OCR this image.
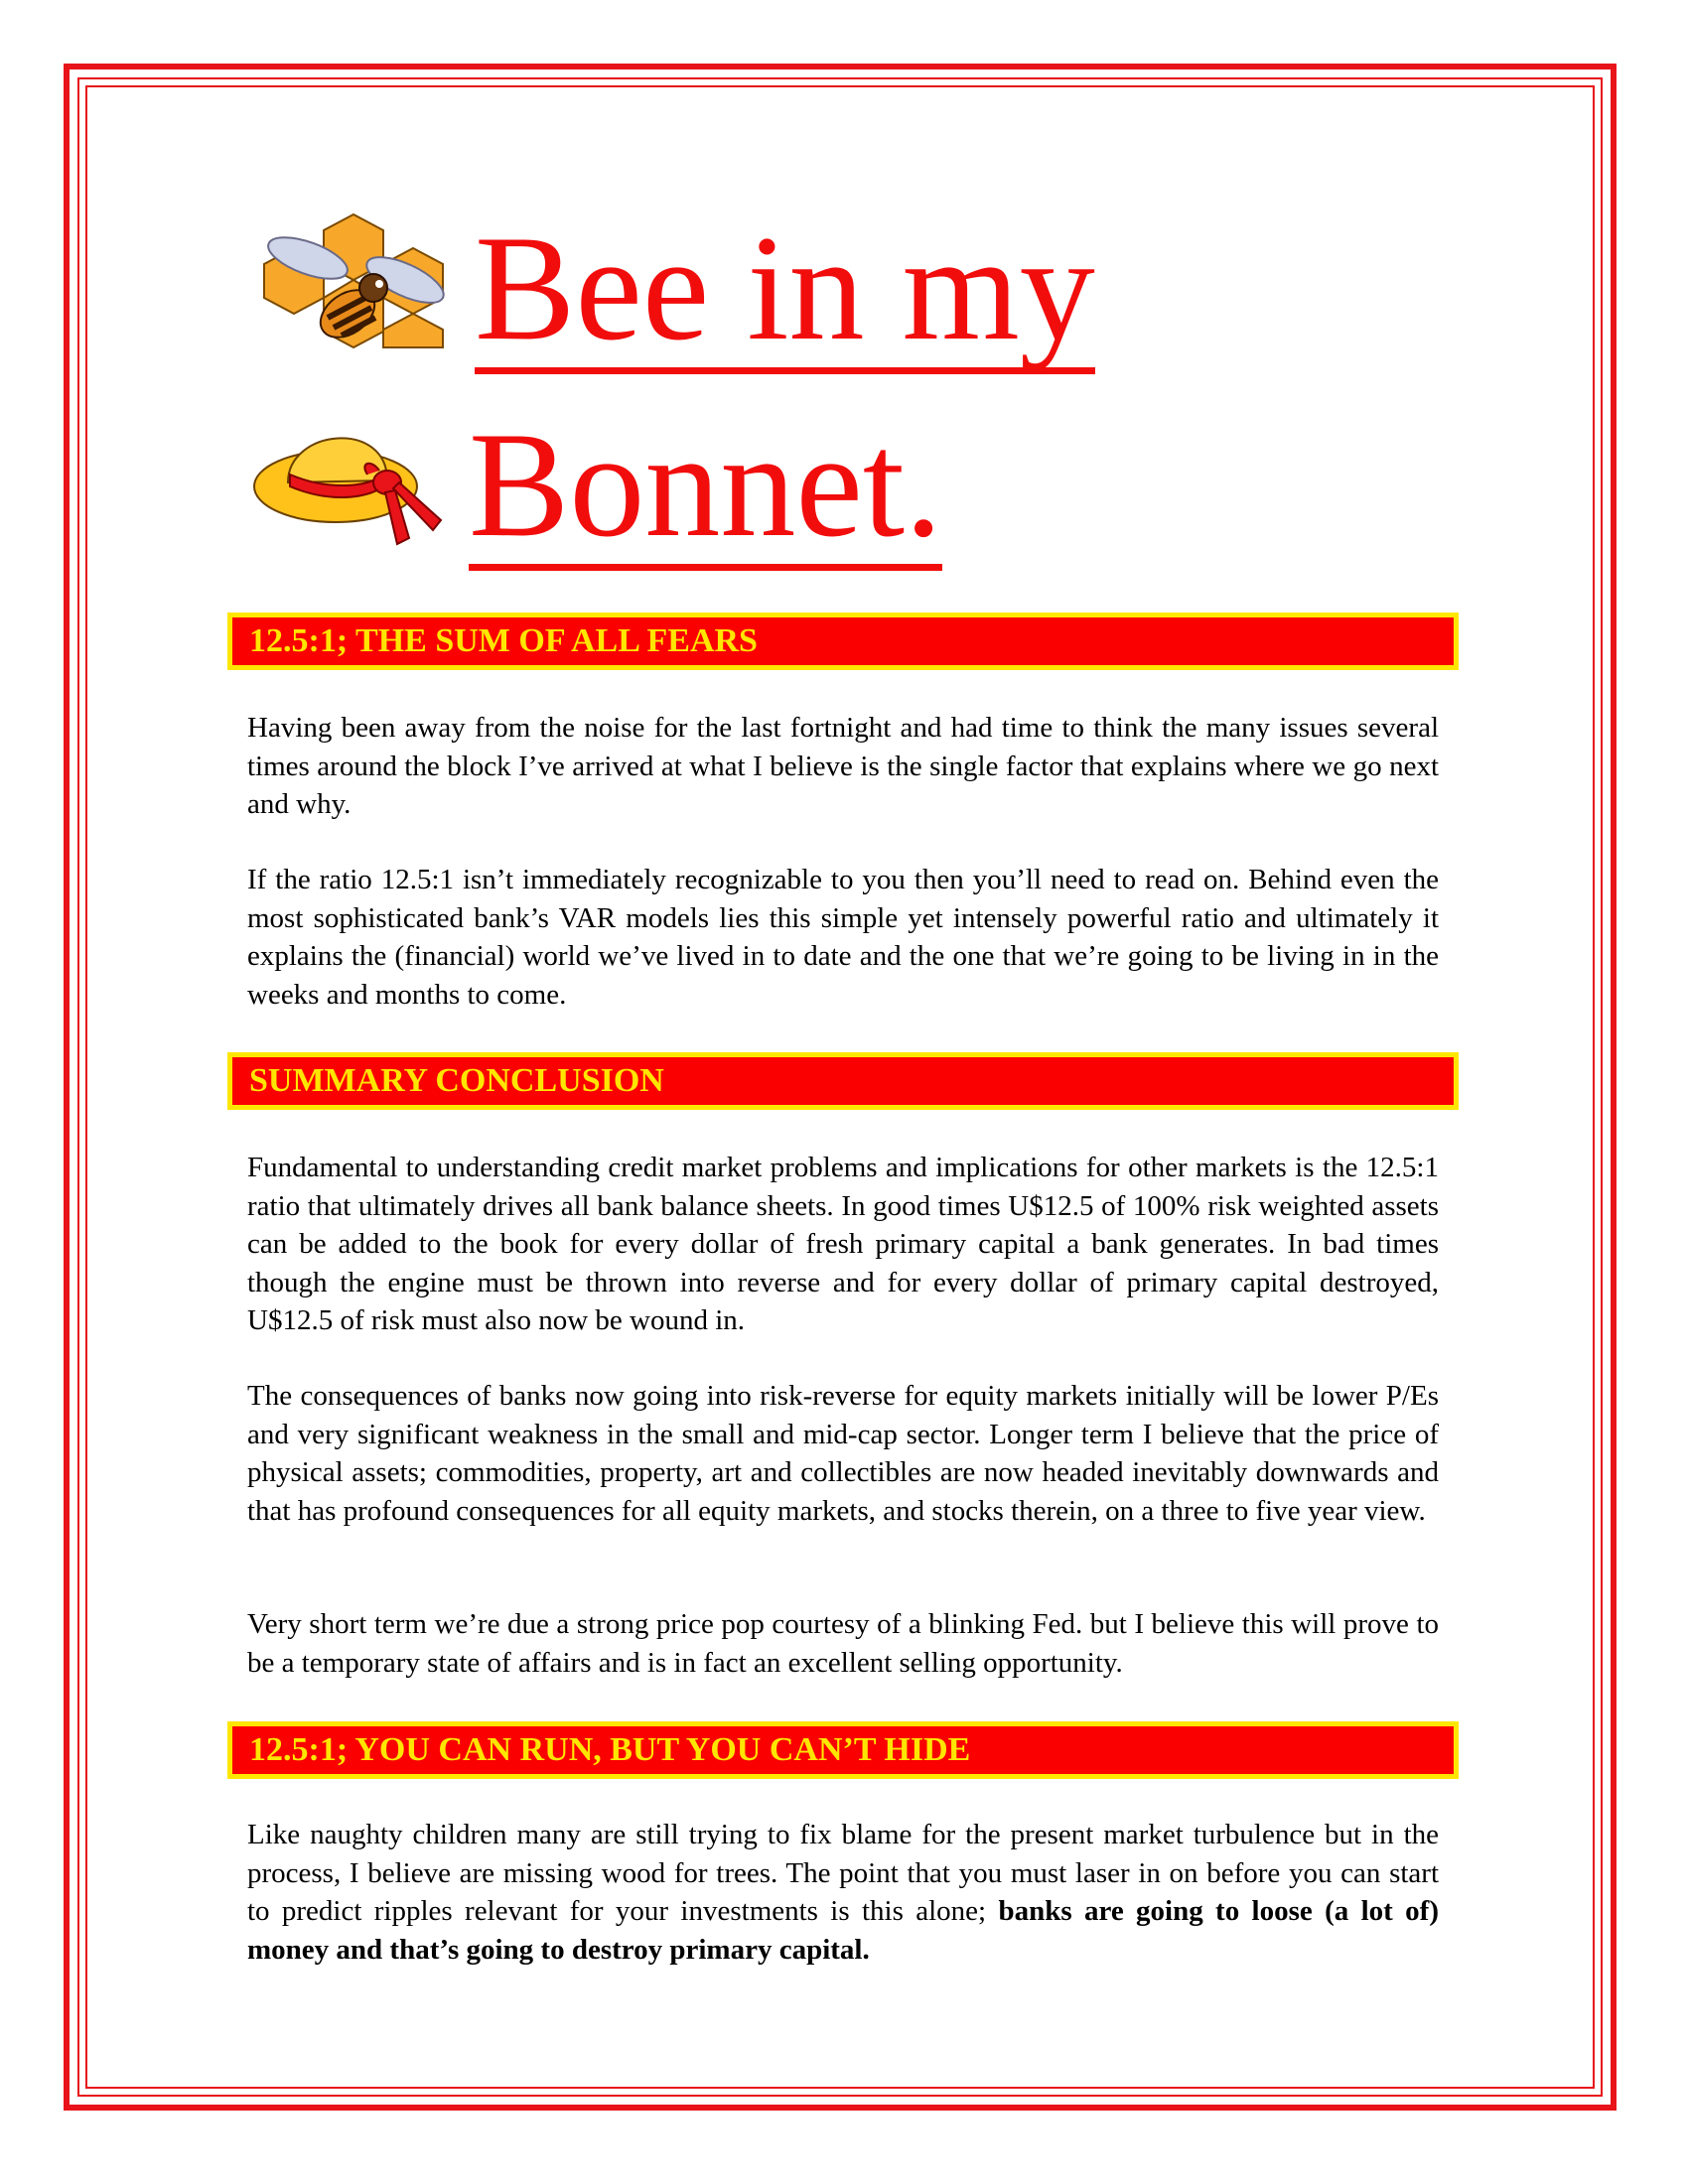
Bee in my
Bonnet.
12.5:1; THE SUM OF ALL FEARS

Having been away from the noise for the last fortnight and had time to think the many issues several times around the block I’ve arrived at what I believe is the single factor that explains where we go next and why.

If the ratio 12.5:1 isn’t immediately recognizable to you then you’ll need to read on. Behind even the most sophisticated bank’s VAR models lies this simple yet intensely powerful ratio and ultimately it explains the (financial) world we’ve lived in to date and the one that we’re going to be living in in the weeks and months to come.

SUMMARY CONCLUSION

Fundamental to understanding credit market problems and implications for other markets is the 12.5:1 ratio that ultimately drives all bank balance sheets. In good times U$12.5 of 100% risk weighted assets can be added to the book for every dollar of fresh primary capital a bank generates. In bad times though the engine must be thrown into reverse and for every dollar of primary capital destroyed, U$12.5 of risk must also now be wound in.

The consequences of banks now going into risk-reverse for equity markets initially will be lower P/Es and very significant weakness in the small and mid-cap sector. Longer term I believe that the price of physical assets; commodities, property, art and collectibles are now headed inevitably downwards and that has profound consequences for all equity markets, and stocks therein, on a three to five year view.

Very short term we’re due a strong price pop courtesy of a blinking Fed. but I believe this will prove to be a temporary state of affairs and is in fact an excellent selling opportunity.

12.5:1; YOU CAN RUN, BUT YOU CAN’T HIDE

Like naughty children many are still trying to fix blame for the present market turbulence but in the process, I believe are missing wood for trees. The point that you must laser in on before you can start to predict ripples relevant for your investments is this alone; banks are going to loose (a lot of) money and that’s going to destroy primary capital.
